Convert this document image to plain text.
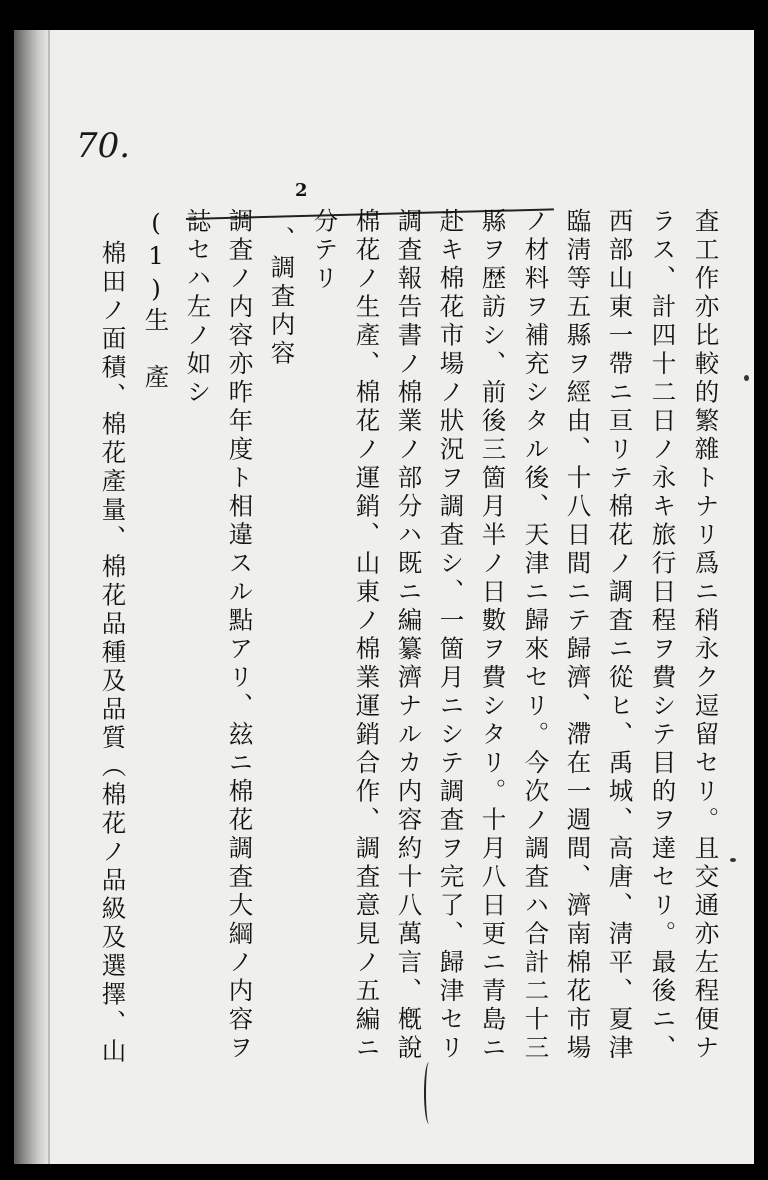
70.
2
査工作亦比較的繁雜トナリ爲ニ稍永ク逗留セリ。且交通亦左程便ナ
ラス、計四十二日ノ永キ旅行日程ヲ費シテ目的ヲ達セリ。最後ニ、
西部山東一帶ニ亘リテ棉花ノ調査ニ從ヒ、禹城、高唐、淸平、夏津
臨淸等五縣ヲ經由、十八日間ニテ歸濟、滯在一週間、濟南棉花市場
ノ材料ヲ補充シタル後、天津ニ歸來セリ。今次ノ調査ハ合計二十三
縣ヲ歴訪シ、前後三箇月半ノ日數ヲ費シタリ。十月八日更ニ青島ニ
赴キ棉花市場ノ狀況ヲ調査シ、一箇月ニシテ調査ヲ完了、歸津セリ
調査報告書ノ棉業ノ部分ハ既ニ編纂濟ナルカ内容約十八萬言、槪說
棉花ノ生產、棉花ノ運銷、山東ノ棉業運銷合作、調査意見ノ五編ニ
分テリ
、調査内容
調査ノ内容亦昨年度ト相違スル點アリ、玆ニ棉花調査大綱ノ内容ヲ
誌セハ左ノ如シ
(1)生　產
棉田ノ面積、棉花產量、棉花品種及品質（棉花ノ品級及選擇、山
